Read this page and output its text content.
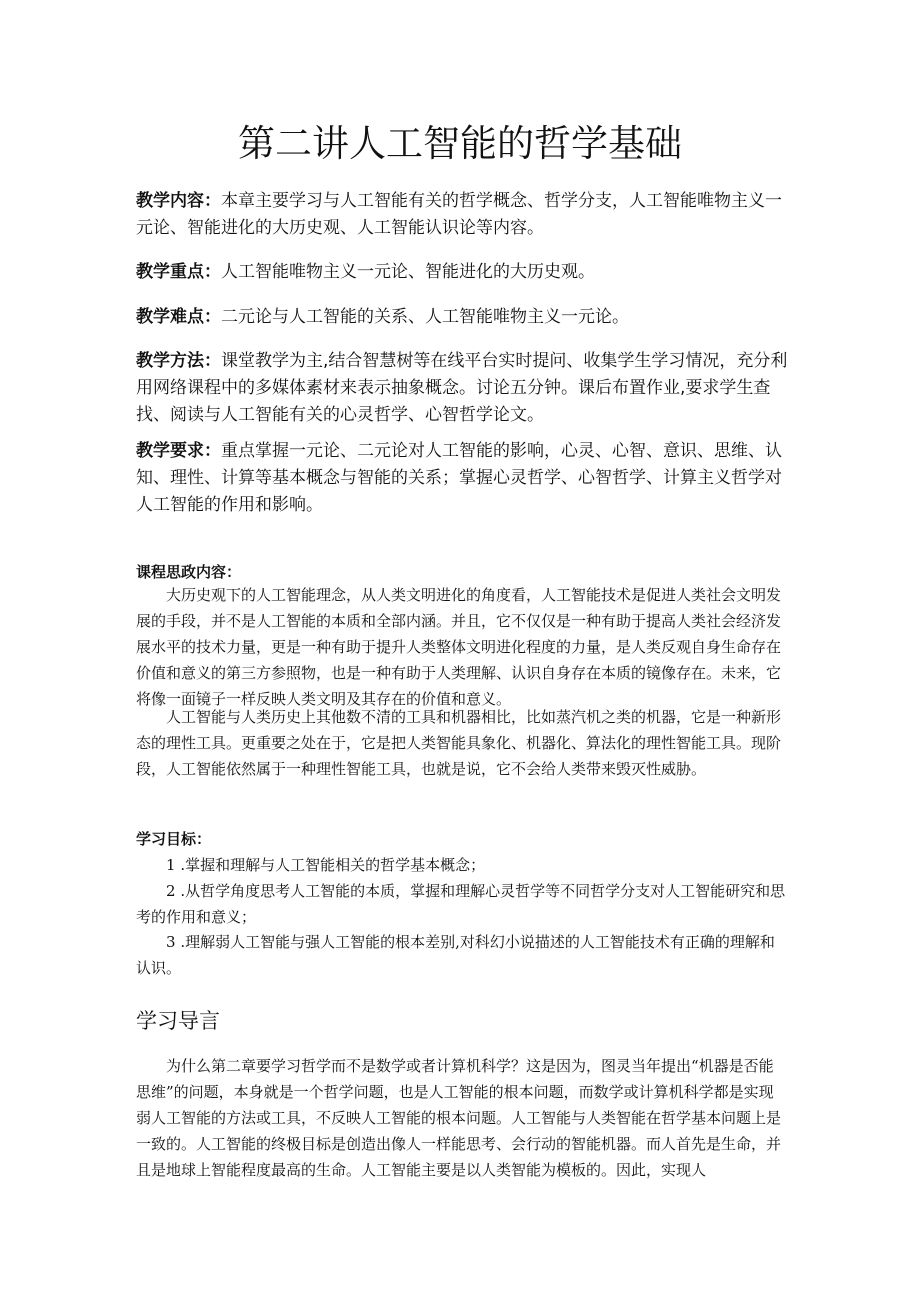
第二讲人工智能的哲学基础

教学内容：本章主要学习与人工智能有关的哲学概念、哲学分支，人工智能唯物主义一元论、智能进化的大历史观、人工智能认识论等内容。

教学重点：人工智能唯物主义一元论、智能进化的大历史观。

教学难点：二元论与人工智能的关系、人工智能唯物主义一元论。

教学方法：课堂教学为主,结合智慧树等在线平台实时提问、收集学生学习情况，充分利用网络课程中的多媒体素材来表示抽象概念。讨论五分钟。课后布置作业,要求学生查找、阅读与人工智能有关的心灵哲学、心智哲学论文。

教学要求：重点掌握一元论、二元论对人工智能的影响，心灵、心智、意识、思维、认知、理性、计算等基本概念与智能的关系；掌握心灵哲学、心智哲学、计算主义哲学对人工智能的作用和影响。

课程思政内容：

大历史观下的人工智能理念，从人类文明进化的角度看，人工智能技术是促进人类社会文明发展的手段，并不是人工智能的本质和全部内涵。并且，它不仅仅是一种有助于提高人类社会经济发展水平的技术力量，更是一种有助于提升人类整体文明进化程度的力量，是人类反观自身生命存在价值和意义的第三方参照物，也是一种有助于人类理解、认识自身存在本质的镜像存在。未来，它将像一面镜子一样反映人类文明及其存在的价值和意义。

人工智能与人类历史上其他数不清的工具和机器相比，比如蒸汽机之类的机器，它是一种新形态的理性工具。更重要之处在于，它是把人类智能具象化、机器化、算法化的理性智能工具。现阶段，人工智能依然属于一种理性智能工具，也就是说，它不会给人类带来毁灭性威胁。

学习目标：

1 .掌握和理解与人工智能相关的哲学基本概念；

2 .从哲学角度思考人工智能的本质，掌握和理解心灵哲学等不同哲学分支对人工智能研究和思考的作用和意义；

3 .理解弱人工智能与强人工智能的根本差别,对科幻小说描述的人工智能技术有正确的理解和认识。

学习导言

为什么第二章要学习哲学而不是数学或者计算机科学？这是因为，图灵当年提出“机器是否能思维”的问题，本身就是一个哲学问题，也是人工智能的根本问题，而数学或计算机科学都是实现弱人工智能的方法或工具，不反映人工智能的根本问题。人工智能与人类智能在哲学基本问题上是一致的。人工智能的终极目标是创造出像人一样能思考、会行动的智能机器。而人首先是生命，并且是地球上智能程度最高的生命。人工智能主要是以人类智能为模板的。因此，实现人
